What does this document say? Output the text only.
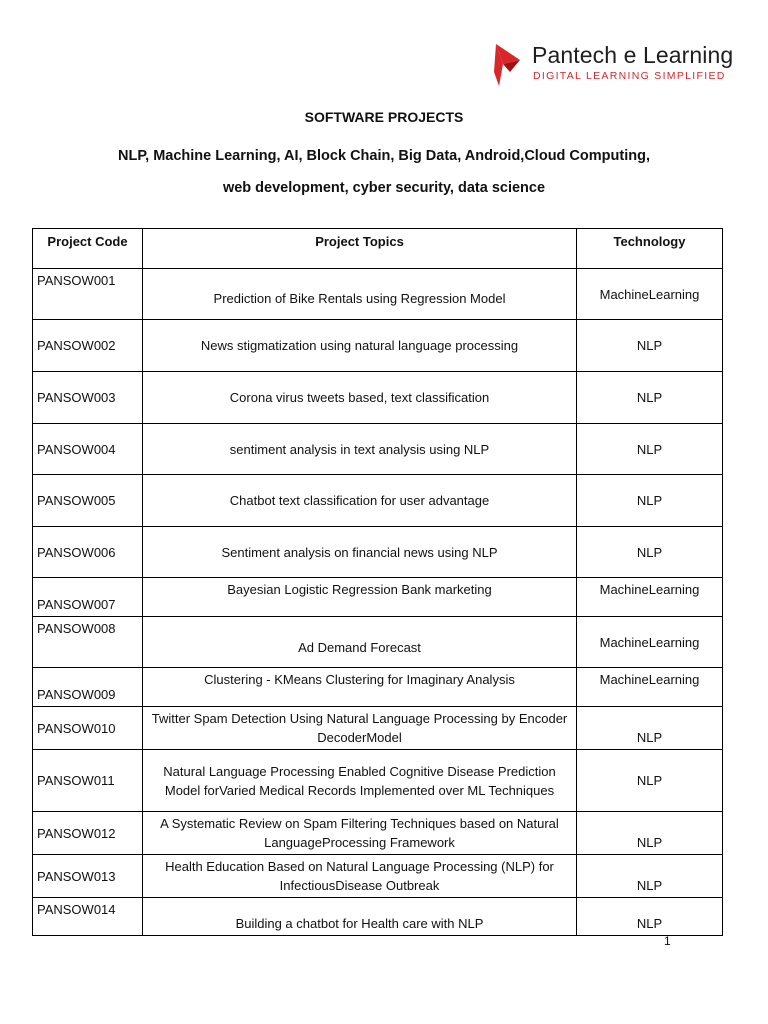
Pantech e Learning
DIGITAL LEARNING SIMPLIFIED
SOFTWARE PROJECTS
NLP, Machine Learning, AI, Block Chain, Big Data, Android,Cloud Computing,
web development, cyber security, data science
Project Code	Project Topics	Technology
PANSOW001	Prediction of Bike Rentals using Regression Model	MachineLearning
PANSOW002	News stigmatization using natural language processing	NLP
PANSOW003	Corona virus tweets based, text classification	NLP
PANSOW004	sentiment analysis in text analysis using NLP	NLP
PANSOW005	Chatbot text classification for user advantage	NLP
PANSOW006	Sentiment analysis on financial news using NLP	NLP
PANSOW007	Bayesian Logistic Regression Bank marketing	MachineLearning
PANSOW008	Ad Demand Forecast	MachineLearning
PANSOW009	Clustering - KMeans Clustering for Imaginary Analysis	MachineLearning
PANSOW010	Twitter Spam Detection Using Natural Language Processing by Encoder DecoderModel	NLP
PANSOW011	Natural Language Processing Enabled Cognitive Disease Prediction Model forVaried Medical Records Implemented over ML Techniques	NLP
PANSOW012	A Systematic Review on Spam Filtering Techniques based on Natural LanguageProcessing Framework	NLP
PANSOW013	Health Education Based on Natural Language Processing (NLP) for InfectiousDisease Outbreak	NLP
PANSOW014	Building a chatbot for Health care with NLP	NLP
1
